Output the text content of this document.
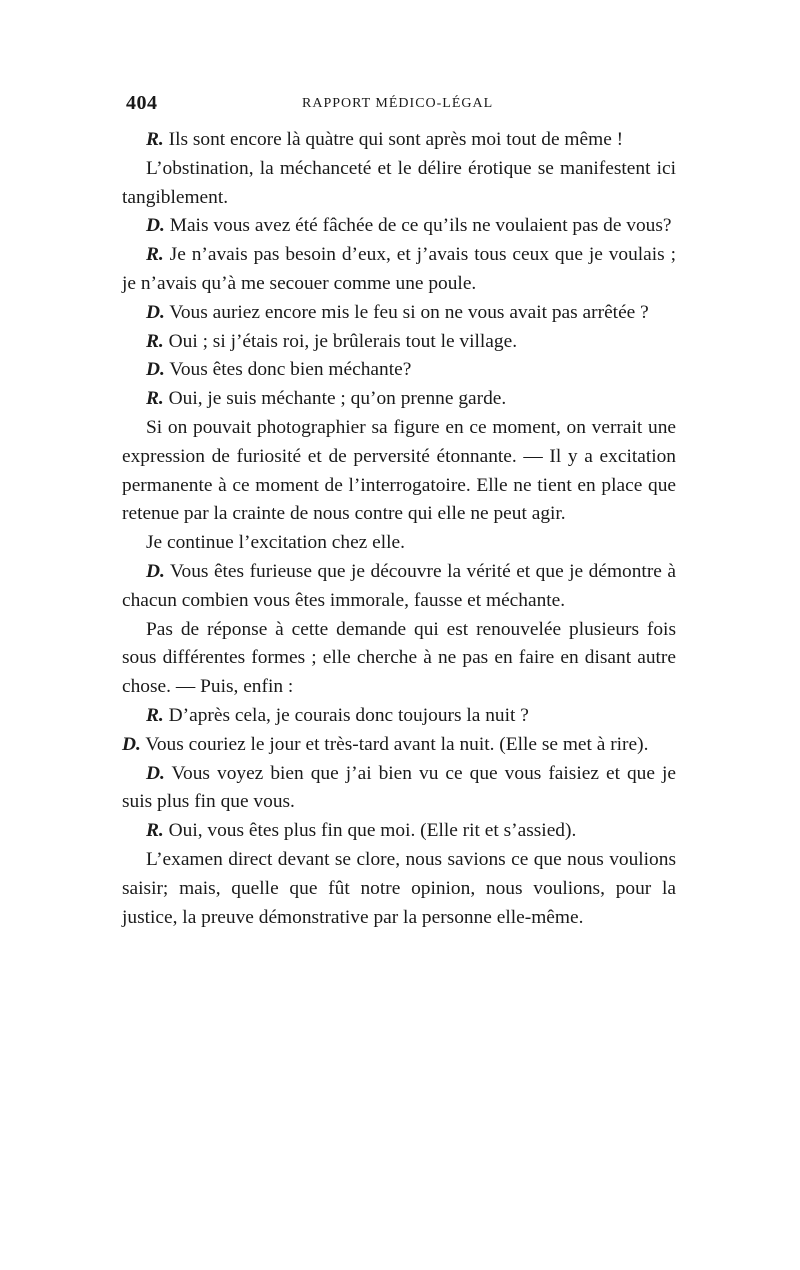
404	RAPPORT MÉDICO-LÉGAL

R. Ils sont encore là quàtre qui sont après moi tout de même !

L’obstination, la méchanceté et le délire érotique se manifestent ici tangiblement.

D. Mais vous avez été fâchée de ce qu’ils ne voulaient pas de vous?

R. Je n’avais pas besoin d’eux, et j’avais tous ceux que je voulais ; je n’avais qu’à me secouer comme une poule.

D. Vous auriez encore mis le feu si on ne vous avait pas arrêtée ?

R. Oui ; si j’étais roi, je brûlerais tout le village.

D. Vous êtes donc bien méchante?

R. Oui, je suis méchante ; qu’on prenne garde.

Si on pouvait photographier sa figure en ce moment, on verrait une expression de furiosité et de perversité étonnante. — Il y a excitation permanente à ce moment de l’interrogatoire. Elle ne tient en place que retenue par la crainte de nous contre qui elle ne peut agir.

Je continue l’excitation chez elle.

D. Vous êtes furieuse que je découvre la vérité et que je démontre à chacun combien vous êtes immorale, fausse et méchante.

Pas de réponse à cette demande qui est renouvelée plusieurs fois sous différentes formes ; elle cherche à ne pas en faire en disant autre chose. — Puis, enfin :

R. D’après cela, je courais donc toujours la nuit ?

D. Vous couriez le jour et très-tard avant la nuit. (Elle se met à rire).

D. Vous voyez bien que j’ai bien vu ce que vous faisiez et que je suis plus fin que vous.

R. Oui, vous êtes plus fin que moi. (Elle rit et s’assied).

L’examen direct devant se clore, nous savions ce que nous voulions saisir; mais, quelle que fût notre opinion, nous voulions, pour la justice, la preuve démonstrative par la personne elle-même.
